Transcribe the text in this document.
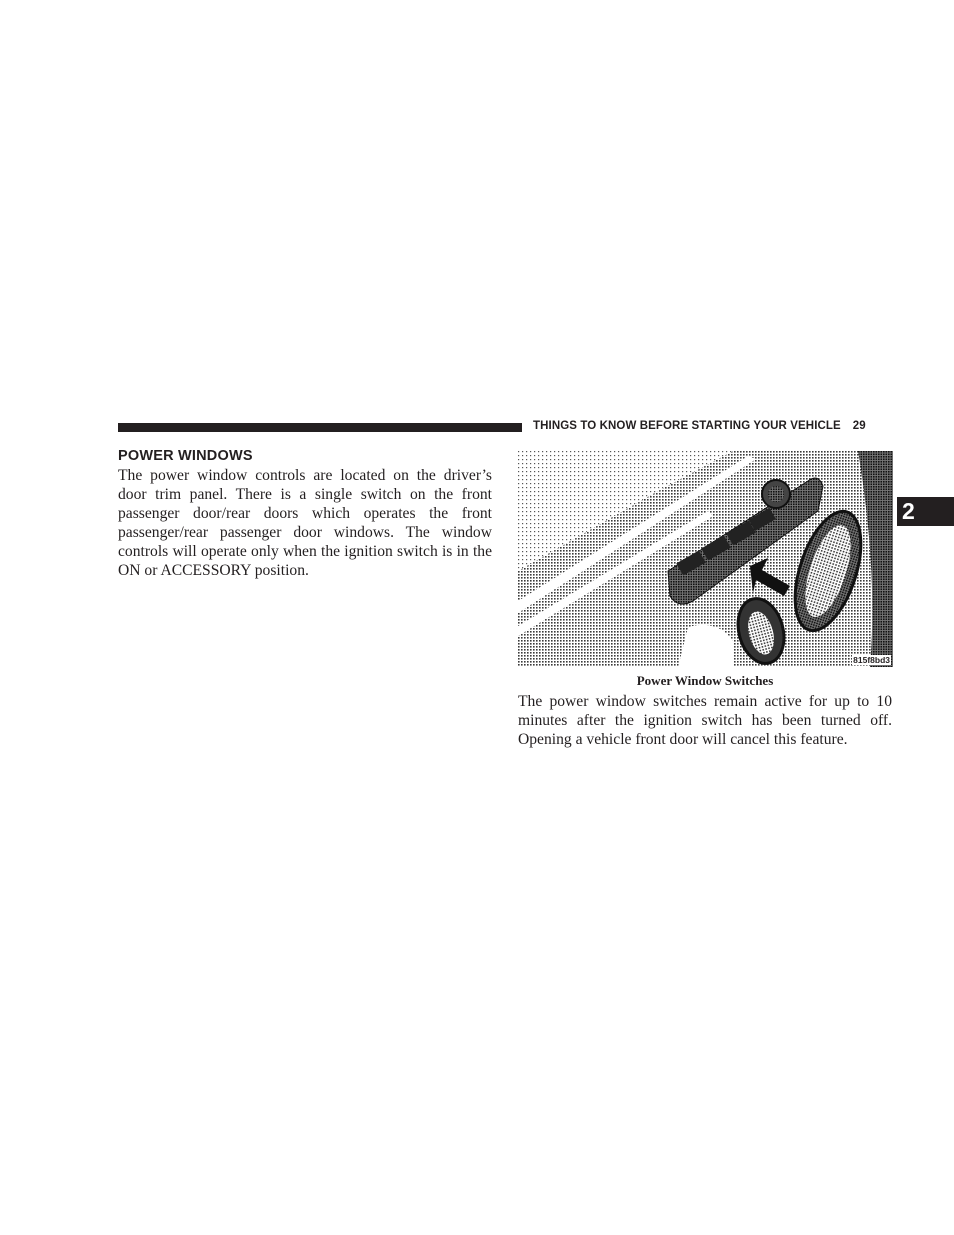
THINGS TO KNOW BEFORE STARTING YOUR VEHICLE 29
2
POWER WINDOWS

The power window controls are located on the driver’s door trim panel. There is a single switch on the front passenger door/rear doors which operates the front passenger/rear passenger door windows. The window controls will operate only when the ignition switch is in the ON or ACCESSORY position.

815f8bd3
Power Window Switches

The power window switches remain active for up to 10 minutes after the ignition switch has been turned off. Opening a vehicle front door will cancel this feature.
